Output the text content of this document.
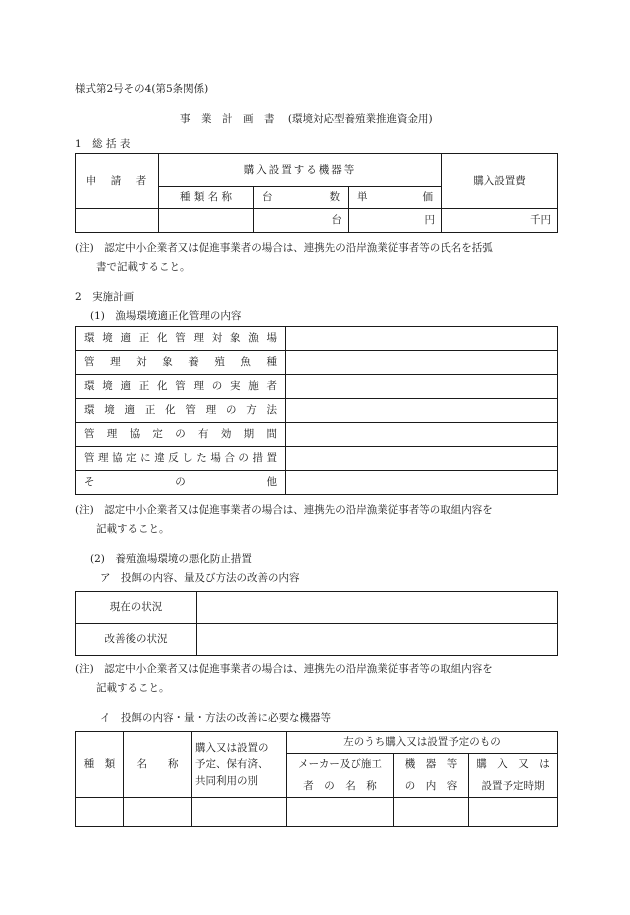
様式第2号その4(第5条関係)
事　業　計　画　書 (環境対応型養殖業推進資金用)
1　総 括 表
申　請　者	購入設置する機器等			購入設置費
	種 類 名 称	台 数	単 価	

		台	円	千円
(注)　認定中小企業者又は促進事業者の場合は、連携先の沿岸漁業従事者等の氏名を括弧
書で記載すること。
2　実施計画
(1)　漁場環境適正化管理の内容
環境適正化管理対象漁場	
管理対象養殖魚種	
環境適正化管理の実施者	
環境適正化管理の方法	
管理協定の有効期間	
管理協定に違反した場合の措置	
そ　　の　　他	
(注)　認定中小企業者又は促進事業者の場合は、連携先の沿岸漁業従事者等の取組内容を
記載すること。
(2)　養殖漁場環境の悪化防止措置
ア　投餌の内容、量及び方法の改善の内容
現在の状況	
改善後の状況	
(注)　認定中小企業者又は促進事業者の場合は、連携先の沿岸漁業従事者等の取組内容を
記載すること。
イ　投餌の内容・量・方法の改善に必要な機器等
種　類	名　　称	購入又は設置の
予定、保有済、
共同利用の別	左のうち購入又は設置予定のもの		
			メーカー及び施工	機　器　等	購　入　又　は
			者　の　名　称	の　内　容	設置予定時期
